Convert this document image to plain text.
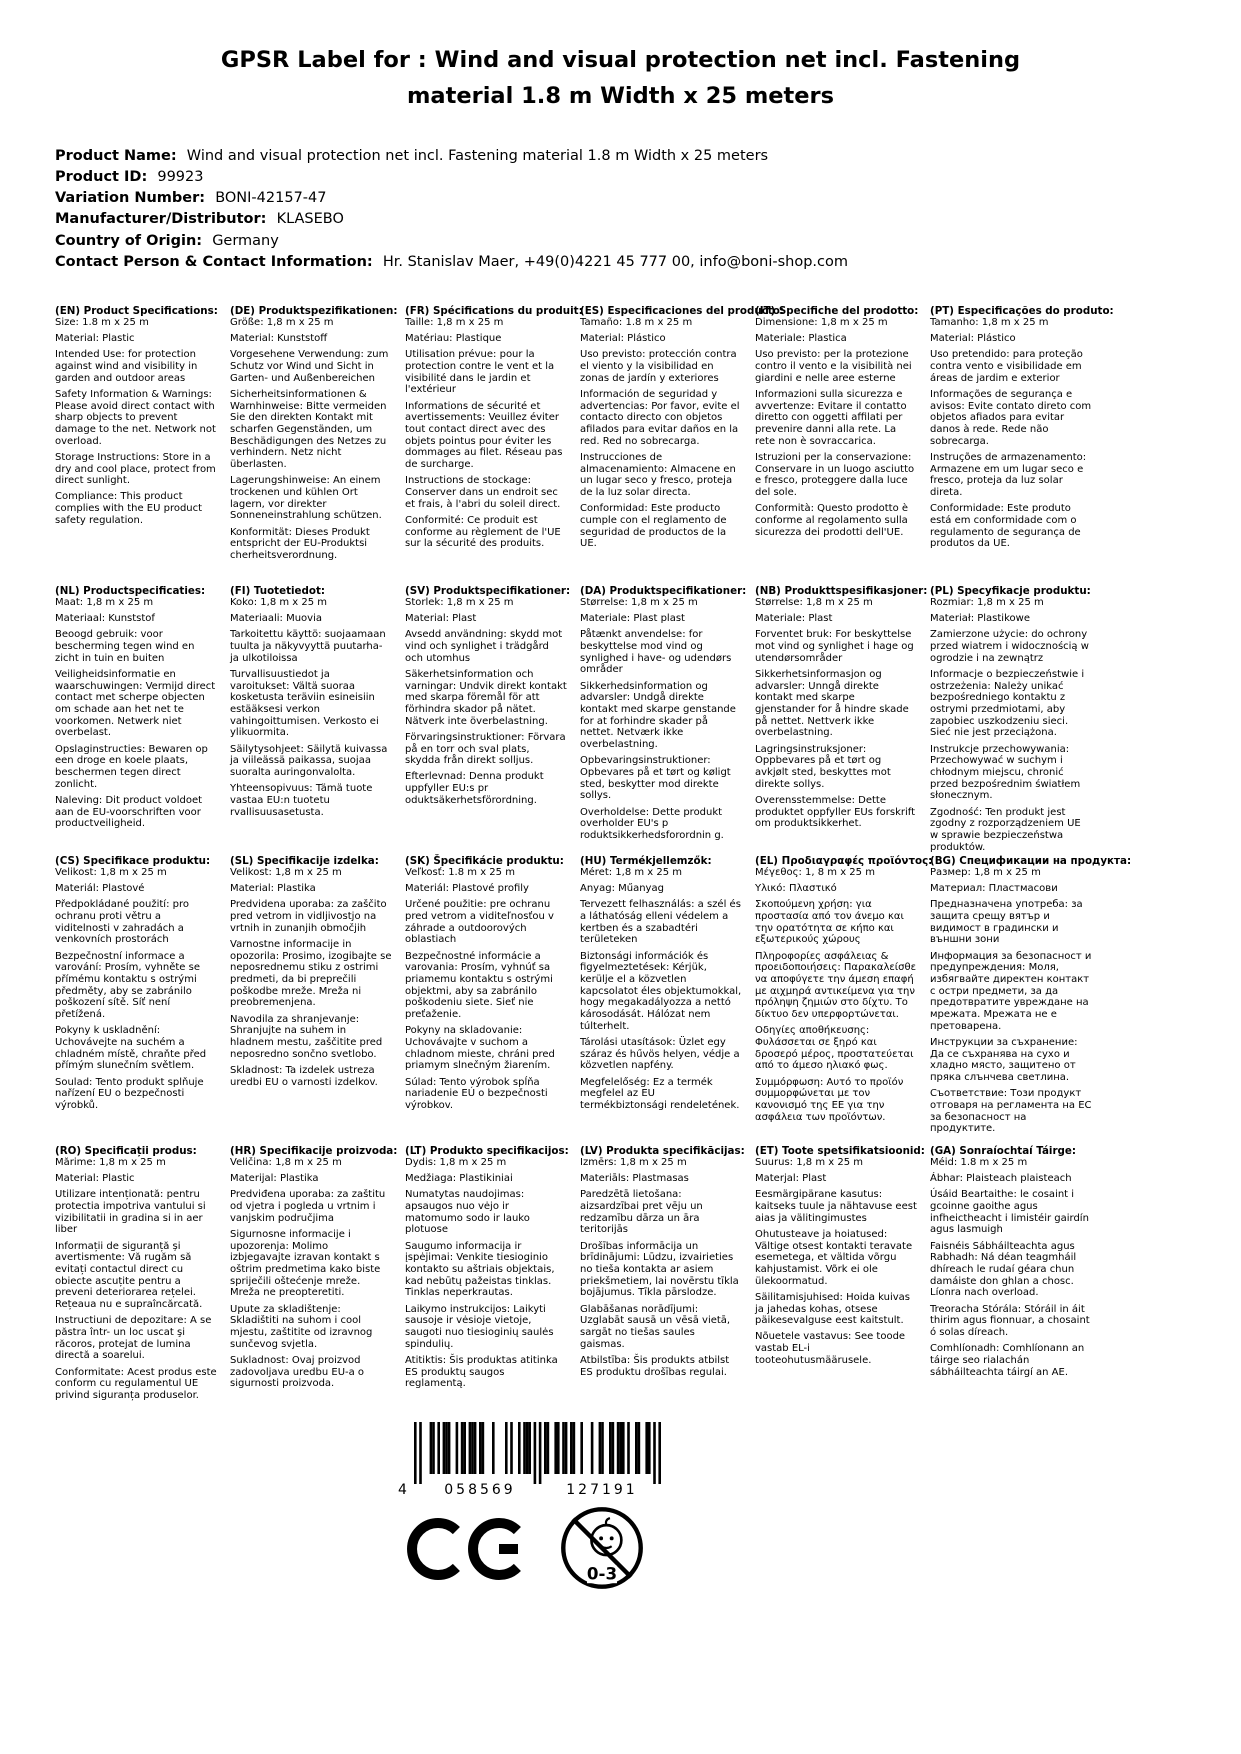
GPSR Label for : Wind and visual protection net incl. Fastening material 1.8 m Width x 25 meters
Product Name: Wind and visual protection net incl. Fastening material 1.8 m Width x 25 meters
Product ID: 99923
Variation Number: BONI-42157-47
Manufacturer/Distributor: KLASEBO
Country of Origin: Germany
Contact Person & Contact Information: Hr. Stanislav Maer, +49(0)4221 45 777 00, info@boni-shop.com
(EN) Product Specifications:

Size: 1.8 m x 25 m

Material: Plastic

Intended Use: for protection against wind and visibility in garden and outdoor areas

Safety Information & Warnings: Please avoid direct contact with sharp objects to prevent damage to the net. Network not overload.

Storage Instructions: Store in a dry and cool place, protect from direct sunlight.

Compliance: This product complies with the EU product safety regulation.

(DE) Produktspezifikationen:

Größe: 1,8 m x 25 m

Material: Kunststoff

Vorgesehene Verwendung: zum Schutz vor Wind und Sicht in Garten- und Außenbereichen

Sicherheitsinformationen & Warnhinweise: Bitte vermeiden Sie den direkten Kontakt mit scharfen Gegenständen, um Beschädigungen des Netzes zu verhindern. Netz nicht überlasten.

Lagerungshinweise: An einem trockenen und kühlen Ort lagern, vor direkter Sonneneinstrahlung schützen.

Konformität: Dieses Produkt entspricht der EU-Produktsi cherheitsverordnung.

(FR) Spécifications du produit:

Taille: 1,8 m x 25 m

Matériau: Plastique

Utilisation prévue: pour la protection contre le vent et la visibilité dans le jardin et l'extérieur

Informations de sécurité et avertissements: Veuillez éviter tout contact direct avec des objets pointus pour éviter les dommages au filet. Réseau pas de surcharge.

Instructions de stockage: Conserver dans un endroit sec et frais, à l'abri du soleil direct.

Conformité: Ce produit est conforme au règlement de l'UE sur la sécurité des produits.

(ES) Especificaciones del producto:

Tamaño: 1.8 m x 25 m

Material: Plástico

Uso previsto: protección contra el viento y la visibilidad en zonas de jardín y exteriores

Información de seguridad y advertencias: Por favor, evite el contacto directo con objetos afilados para evitar daños en la red. Red no sobrecarga.

Instrucciones de almacenamiento: Almacene en un lugar seco y fresco, proteja de la luz solar directa.

Conformidad: Este producto cumple con el reglamento de seguridad de productos de la UE.

(IT) Specifiche del prodotto:

Dimensione: 1,8 m x 25 m

Materiale: Plastica

Uso previsto: per la protezione contro il vento e la visibilità nei giardini e nelle aree esterne

Informazioni sulla sicurezza e avvertenze: Evitare il contatto diretto con oggetti affilati per prevenire danni alla rete. La rete non è sovraccarica.

Istruzioni per la conservazione: Conservare in un luogo asciutto e fresco, proteggere dalla luce del sole.

Conformità: Questo prodotto è conforme al regolamento sulla sicurezza dei prodotti dell'UE.

(PT) Especificações do produto:

Tamanho: 1,8 m x 25 m

Material: Plástico

Uso pretendido: para proteção contra vento e visibilidade em áreas de jardim e exterior

Informações de segurança e avisos: Evite contato direto com objetos afiados para evitar danos à rede. Rede não sobrecarga.

Instruções de armazenamento: Armazene em um lugar seco e fresco, proteja da luz solar direta.

Conformidade: Este produto está em conformidade com o regulamento de segurança de produtos da UE.

(NL) Productspecificaties:

Maat: 1,8 m x 25 m

Materiaal: Kunststof

Beoogd gebruik: voor bescherming tegen wind en zicht in tuin en buiten

Veiligheidsinformatie en waarschuwingen: Vermijd direct contact met scherpe objecten om schade aan het net te voorkomen. Netwerk niet overbelast.

Opslaginstructies: Bewaren op een droge en koele plaats, beschermen tegen direct zonlicht.

Naleving: Dit product voldoet aan de EU-voorschriften voor productveiligheid.

(FI) Tuotetiedot:

Koko: 1,8 m x 25 m

Materiaali: Muovia

Tarkoitettu käyttö: suojaamaan tuulta ja näkyvyyttä puutarha- ja ulkotiloissa

Turvallisuustiedot ja varoitukset: Vältä suoraa kosketusta teräviin esineisiin estääksesi verkon vahingoittumisen. Verkosto ei ylikuormita.

Säilytysohjeet: Säilytä kuivassa ja viileässä paikassa, suojaa suoralta auringonvalolta.

Yhteensopivuus: Tämä tuote vastaa EU:n tuotetu rvallisuusasetusta.

(SV) Produktspecifikationer:

Storlek: 1,8 m x 25 m

Material: Plast

Avsedd användning: skydd mot vind och synlighet i trädgård och utomhus

Säkerhetsinformation och varningar: Undvik direkt kontakt med skarpa föremål för att förhindra skador på nätet. Nätverk inte överbelastning.

Förvaringsinstruktioner: Förvara på en torr och sval plats, skydda från direkt solljus.

Efterlevnad: Denna produkt uppfyller EU:s pr oduktsäkerhetsförordning.

(DA) Produktspecifikationer:

Størrelse: 1,8 m x 25 m

Materiale: Plast plast

Påtænkt anvendelse: for beskyttelse mod vind og synlighed i have- og udendørs områder

Sikkerhedsinformation og advarsler: Undgå direkte kontakt med skarpe genstande for at forhindre skader på nettet. Netværk ikke overbelastning.

Opbevaringsinstruktioner: Opbevares på et tørt og køligt sted, beskytter mod direkte sollys.

Overholdelse: Dette produkt overholder EU's p roduktsikkerhedsforordnin g.

(NB) Produkttspesifikasjoner:

Størrelse: 1,8 m x 25 m

Materiale: Plast

Forventet bruk: For beskyttelse mot vind og synlighet i hage og utendørsområder

Sikkerhetsinformasjon og advarsler: Unngå direkte kontakt med skarpe gjenstander for å hindre skade på nettet. Nettverk ikke overbelastning.

Lagringsinstruksjoner: Oppbevares på et tørt og avkjølt sted, beskyttes mot direkte sollys.

Overensstemmelse: Dette produktet oppfyller EUs forskrift om produktsikkerhet.

(PL) Specyfikacje produktu:

Rozmiar: 1,8 m x 25 m

Materiał: Plastikowe

Zamierzone użycie: do ochrony przed wiatrem i widocznością w ogrodzie i na zewnątrz

Informacje o bezpieczeństwie i ostrzeżenia: Należy unikać bezpośredniego kontaktu z ostrymi przedmiotami, aby zapobiec uszkodzeniu sieci. Sieć nie jest przeciążona.

Instrukcje przechowywania: Przechowywać w suchym i chłodnym miejscu, chronić przed bezpośrednim światłem słonecznym.

Zgodność: Ten produkt jest zgodny z rozporządzeniem UE w sprawie bezpieczeństwa produktów.

(CS) Specifikace produktu:

Velikost: 1,8 m x 25 m

Materiál: Plastové

Předpokládané použití: pro ochranu proti větru a viditelnosti v zahradách a venkovních prostorách

Bezpečnostní informace a varování: Prosím, vyhněte se přímému kontaktu s ostrými předměty, aby se zabránilo poškození sítě. Síť není přetížená.

Pokyny k uskladnění: Uchovávejte na suchém a chladném místě, chraňte před přímým slunečním světlem.

Soulad: Tento produkt splňuje nařízení EU o bezpečnosti výrobků.

(SL) Specifikacije izdelka:

Velikost: 1,8 m x 25 m

Material: Plastika

Predvidena uporaba: za zaščito pred vetrom in vidljivostjo na vrtnih in zunanjih območjih

Varnostne informacije in opozorila: Prosimo, izogibajte se neposrednemu stiku z ostrimi predmeti, da bi preprečili poškodbe mreže. Mreža ni preobremenjena.

Navodila za shranjevanje: Shranjujte na suhem in hladnem mestu, zaščitite pred neposredno sončno svetlobo.

Skladnost: Ta izdelek ustreza uredbi EU o varnosti izdelkov.

(SK) Špecifikácie produktu:

Veľkosť: 1.8 m x 25 m

Materiál: Plastové profily

Určené použitie: pre ochranu pred vetrom a viditeľnosťou v záhrade a outdoorových oblastiach

Bezpečnostné informácie a varovania: Prosím, vyhnúť sa priamemu kontaktu s ostrými objektmi, aby sa zabránilo poškodeniu siete. Sieť nie preťaženie.

Pokyny na skladovanie: Uchovávajte v suchom a chladnom mieste, chráni pred priamym slnečným žiarením.

Súlad: Tento výrobok spĺňa nariadenie EÚ o bezpečnosti výrobkov.

(HU) Termékjellemzők:

Méret: 1,8 m x 25 m

Anyag: Műanyag

Tervezett felhasználás: a szél és a láthatóság elleni védelem a kertben és a szabadtéri területeken

Biztonsági információk és figyelmeztetések: Kérjük, kerülje el a közvetlen kapcsolatot éles objektumokkal, hogy megakadályozza a nettó károsodását. Hálózat nem túlterhelt.

Tárolási utasítások: Üzlet egy száraz és hűvös helyen, védje a közvetlen napfény.

Megfelelőség: Ez a termék megfelel az EU termékbiztonsági rendeletének.

(EL) Προδιαγραφές προϊόντος:

Μέγεθος: 1, 8 m x 25 m

Υλικό: Πλαστικό

Σκοπούμενη χρήση: για προστασία από τον άνεμο και την ορατότητα σε κήπο και εξωτερικούς χώρους

Πληροφορίες ασφάλειας & προειδοποιήσεις: Παρακαλείσθε να αποφύγετε την άμεση επαφή με αιχμηρά αντικείμενα για την πρόληψη ζημιών στο δίχτυ. Το δίκτυο δεν υπερφορτώνεται.

Οδηγίες αποθήκευσης: Φυλάσσεται σε ξηρό και δροσερό μέρος, προστατεύεται από το άμεσο ηλιακό φως.

Συμμόρφωση: Αυτό το προϊόν συμμορφώνεται με τον κανονισμό της ΕΕ για την ασφάλεια των προϊόντων.

(BG) Спецификации на продукта:

Размер: 1,8 m x 25 m

Материал: Пластмасови

Предназначена употреба: за защита срещу вятър и видимост в градински и външни зони

Информация за безопасност и предупреждения: Моля, избягвайте директен контакт с остри предмети, за да предотвратите увреждане на мрежата. Мрежата не е претоварена.

Инструкции за съхранение: Да се съхранява на сухо и хладно място, защитено от пряка слънчева светлина.

Съответствие: Този продукт отговаря на регламента на ЕС за безопасност на продуктите.

(RO) Specificații produs:

Mărime: 1,8 m x 25 m

Material: Plastic

Utilizare intenționată: pentru protectia impotriva vantului si vizibilitatii in gradina si in aer liber

Informații de siguranță și avertismente: Vă rugăm să evitați contactul direct cu obiecte ascuțite pentru a preveni deteriorarea rețelei. Rețeaua nu e supraîncărcată.

Instructiuni de depozitare: A se păstra într- un loc uscat şi răcoros, protejat de lumina directă a soarelui.

Conformitate: Acest produs este conform cu regulamentul UE privind siguranța produselor.

(HR) Specifikacije proizvoda:

Veličina: 1,8 m x 25 m

Materijal: Plastika

Predviđena uporaba: za zaštitu od vjetra i pogleda u vrtnim i vanjskim područjima

Sigurnosne informacije i upozorenja: Molimo izbjegavajte izravan kontakt s oštrim predmetima kako biste spriječili oštećenje mreže. Mreža ne preopteretiti.

Upute za skladištenje: Skladištiti na suhom i cool mjestu, zaštitite od izravnog sunčevog svjetla.

Sukladnost: Ovaj proizvod zadovoljava uredbu EU-a o sigurnosti proizvoda.

(LT) Produkto specifikacijos:

Dydis: 1,8 m x 25 m

Medžiaga: Plastikiniai

Numatytas naudojimas: apsaugos nuo vėjo ir matomumo sodo ir lauko plotuose

Saugumo informacija ir įspėjimai: Venkite tiesioginio kontakto su aštriais objektais, kad nebūtų pažeistas tinklas. Tinklas neperkrautas.

Laikymo instrukcijos: Laikyti sausoje ir vėsioje vietoje, saugoti nuo tiesioginių saulės spindulių.

Atitiktis: Šis produktas atitinka ES produktų saugos reglamentą.

(LV) Produkta specifikācijas:

Izmērs: 1,8 m x 25 m

Materiāls: Plastmasas

Paredzētā lietošana: aizsardzībai pret vēju un redzamību dārza un āra teritorijās

Drošības informācija un brīdinājumi: Lūdzu, izvairieties no tieša kontakta ar asiem priekšmetiem, lai novērstu tīkla bojājumus. Tīkla pārslodze.

Glabāšanas norādījumi: Uzglabāt sausā un vēsā vietā, sargāt no tiešas saules gaismas.

Atbilstība: Šis produkts atbilst ES produktu drošības regulai.

(ET) Toote spetsifikatsioonid:

Suurus: 1,8 m x 25 m

Materjal: Plast

Eesmärgipärane kasutus: kaitseks tuule ja nähtavuse eest aias ja välitingimustes

Ohutusteave ja hoiatused: Vältige otsest kontakti teravate esemetega, et vältida võrgu kahjustamist. Võrk ei ole ülekoormatud.

Säilitamisjuhised: Hoida kuivas ja jahedas kohas, otsese päikesevalguse eest kaitstult.

Nõuetele vastavus: See toode vastab EL-i tooteohutusmäärusele.

(GA) Sonraíochtaí Táirge:

Méid: 1.8 m x 25 m

Ábhar: Plaisteach plaisteach

Úsáid Beartaithe: le cosaint i gcoinne gaoithe agus infheictheacht i limistéir gairdín agus lasmuigh

Faisnéis Sábháilteachta agus Rabhadh: Ná déan teagmháil dhíreach le rudaí géara chun damáiste don ghlan a chosc. Líonra nach overload.

Treoracha Stórála: Stóráil in áit thirim agus fionnuar, a chosaint ó solas díreach.

Comhlíonadh: Comhlíonann an táirge seo rialachán sábháilteachta táirgí an AE.

4	058569	127191
0-3
